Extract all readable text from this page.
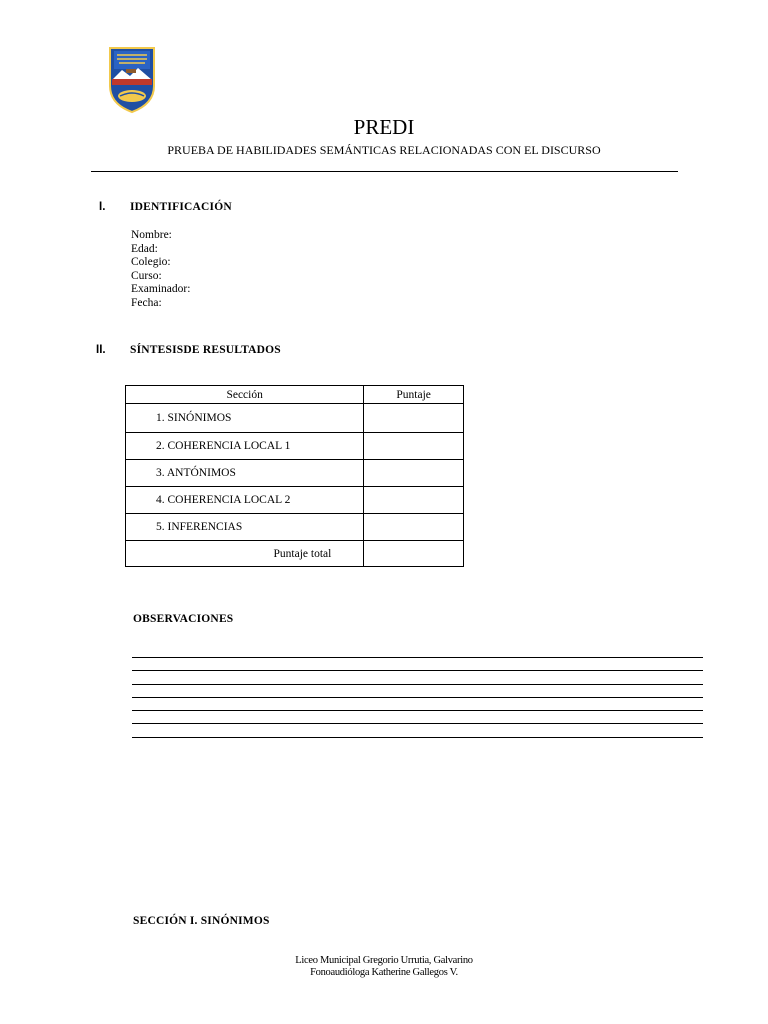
PREDI
PRUEBA DE HABILIDADES SEMÁNTICAS RELACIONADAS CON EL DISCURSO
I. IDENTIFICACIÓN
Nombre:
Edad:
Colegio:
Curso:
Examinador:
Fecha:
II. SÍNTESISDE RESULTADOS
Sección	Puntaje
1. SINÓNIMOS	
2. COHERENCIA LOCAL 1	
3. ANTÓNIMOS	
4. COHERENCIA LOCAL 2	
5. INFERENCIAS	
Puntaje total	
OBSERVACIONES
SECCIÓN I. SINÓNIMOS
Liceo Municipal Gregorio Urrutia, Galvarino
Fonoaudióloga Katherine Gallegos V.
